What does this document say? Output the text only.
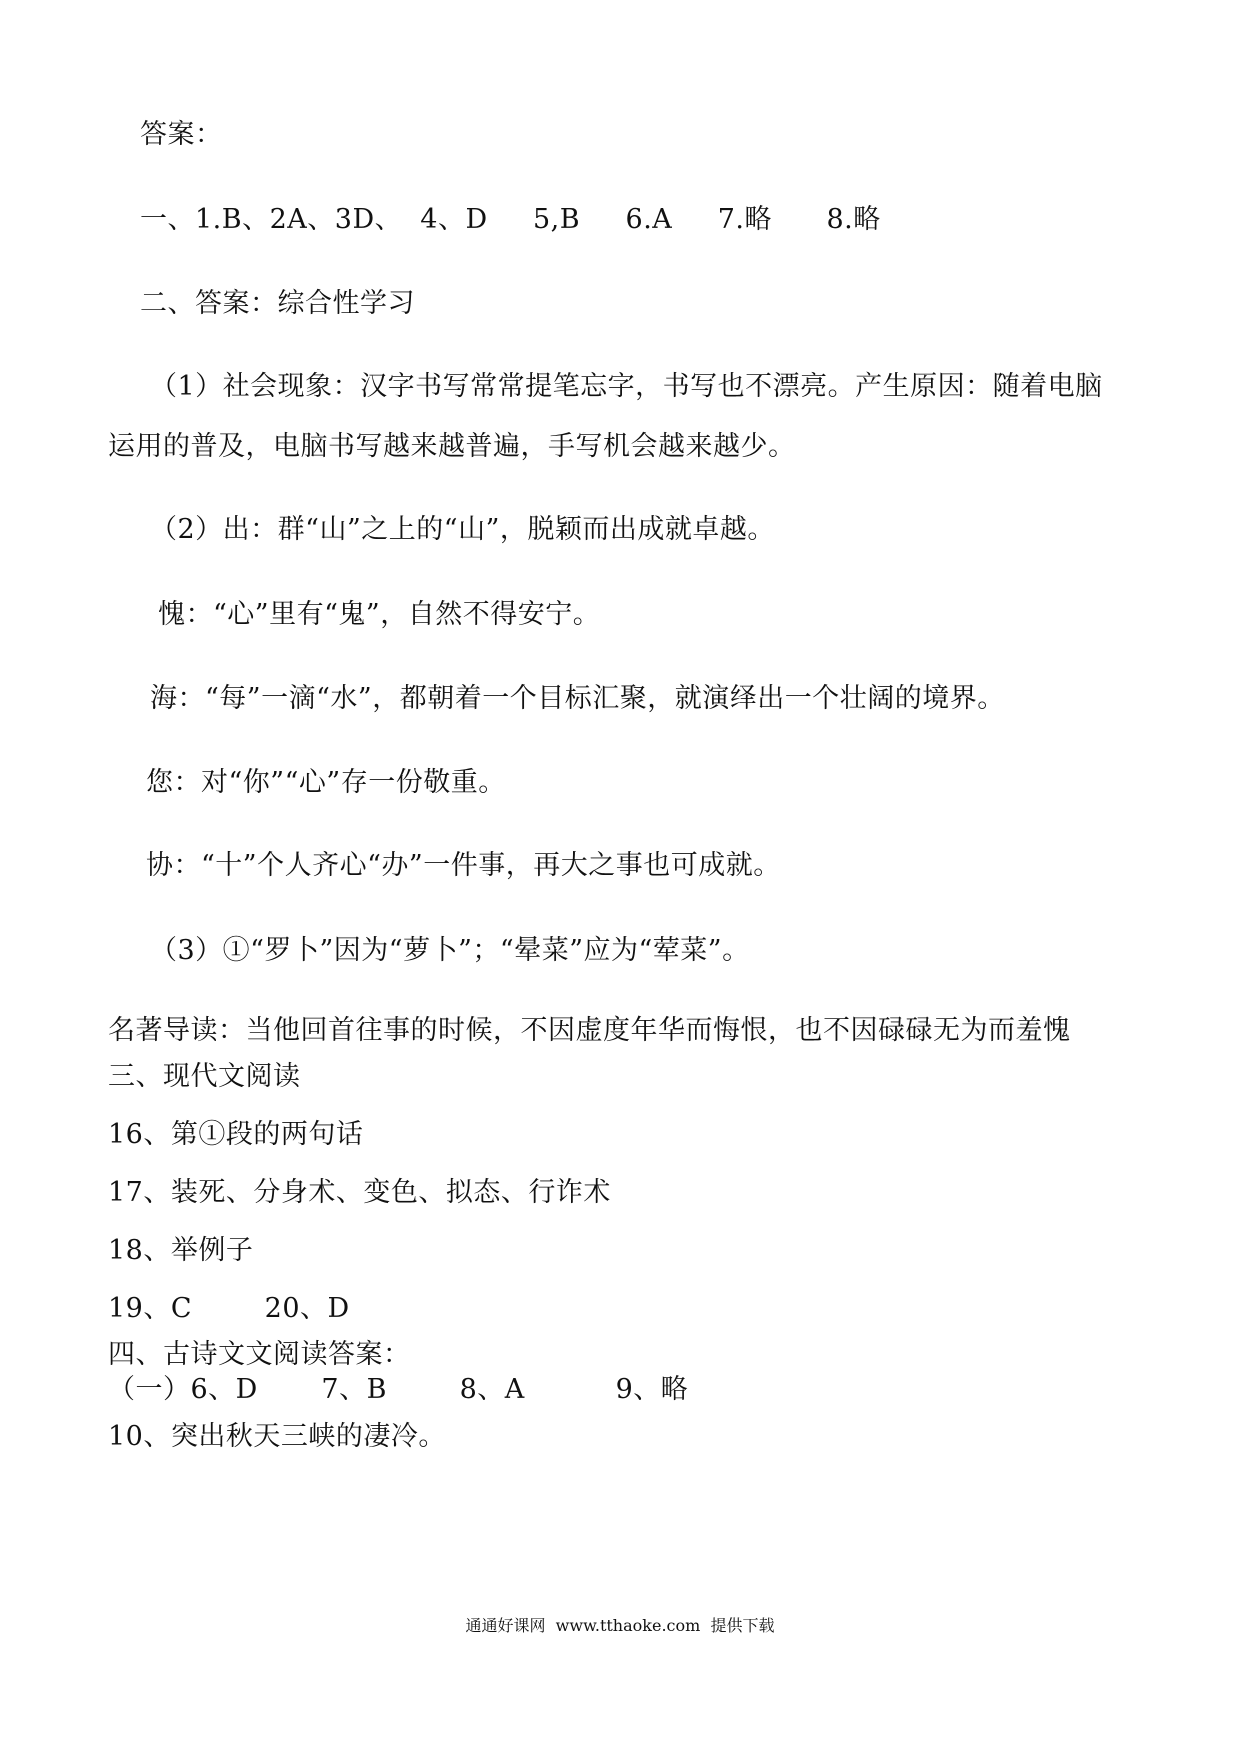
答案：
一、1.B、2A、3D、  4、D     5,B     6.A     7.略      8.略
二、答案：综合性学习
（1）社会现象：汉字书写常常提笔忘字，书写也不漂亮。产生原因：随着电脑
运用的普及，电脑书写越来越普遍，手写机会越来越少。
（2）出：群“山”之上的“山”，脱颖而出成就卓越。
愧：“心”里有“鬼”，自然不得安宁。
海：“每”一滴“水”，都朝着一个目标汇聚，就演绎出一个壮阔的境界。
您：对“你”“心”存一份敬重。
协：“十”个人齐心“办”一件事，再大之事也可成就。
（3）①“罗卜”因为“萝卜”；“晕菜”应为“荤菜”。
名著导读：当他回首往事的时候，不因虚度年华而悔恨，也不因碌碌无为而羞愧
三、现代文阅读
16、第①段的两句话
17、装死、分身术、变色、拟态、行诈术
18、举例子
19、C        20、D
四、古诗文文阅读答案：
（一）6、D       7、B        8、A          9、略
10、突出秋天三峡的凄冷。
通通好课网  www.tthaoke.com  提供下载
